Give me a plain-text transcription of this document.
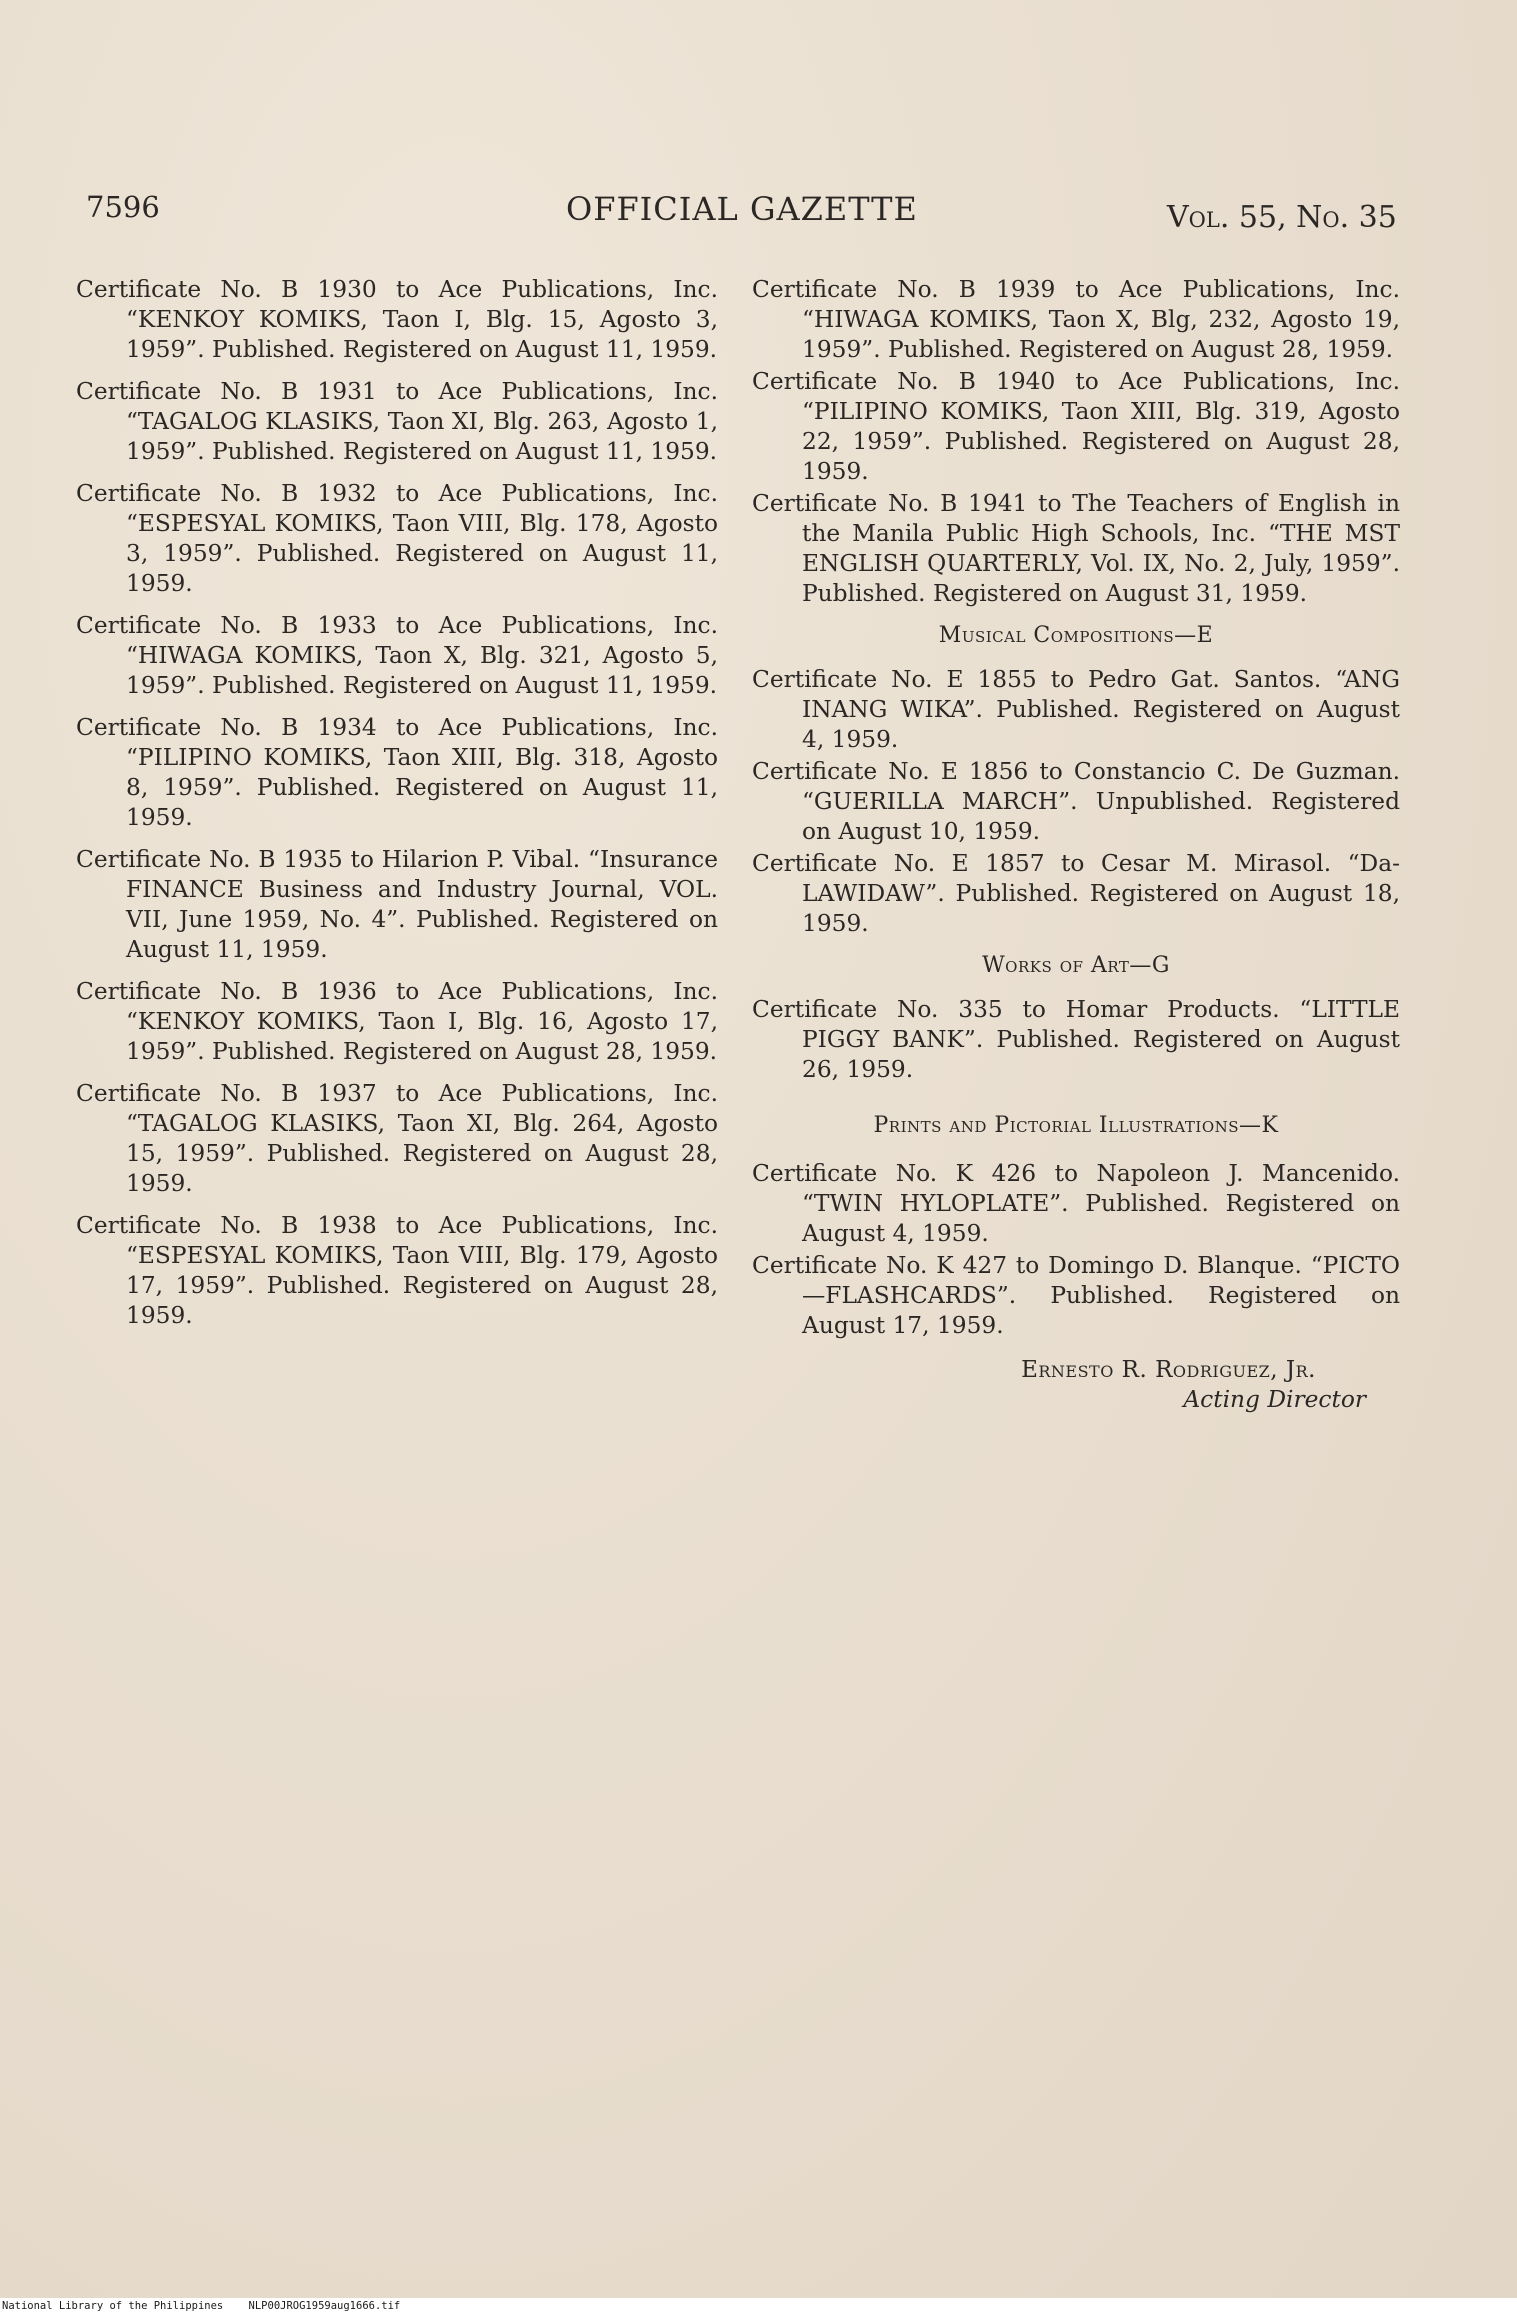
7596	OFFICIAL GAZETTE	Vol. 55, No. 35

Certificate No. B 1930 to Ace Publications, Inc. “KENKOY KOMIKS, Taon I, Blg. 15, Agosto 3, 1959”. Published. Registered on August 11, 1959.

Certificate No. B 1931 to Ace Publications, Inc. “TAGALOG KLASIKS, Taon XI, Blg. 263, Agosto 1, 1959”. Published. Registered on August 11, 1959.

Certificate No. B 1932 to Ace Publications, Inc. “ESPESYAL KOMIKS, Taon VIII, Blg. 178, Agosto 3, 1959”. Published. Registered on August 11, 1959.

Certificate No. B 1933 to Ace Publications, Inc. “HIWAGA KOMIKS, Taon X, Blg. 321, Agosto 5, 1959”. Published. Registered on August 11, 1959.

Certificate No. B 1934 to Ace Publications, Inc. “PILIPINO KOMIKS, Taon XIII, Blg. 318, Agosto 8, 1959”. Published. Registered on August 11, 1959.

Certificate No. B 1935 to Hilarion P. Vibal. “Insurance FINANCE Business and Industry Journal, VOL. VII, June 1959, No. 4”. Published. Registered on August 11, 1959.

Certificate No. B 1936 to Ace Publications, Inc. “KENKOY KOMIKS, Taon I, Blg. 16, Agosto 17, 1959”. Published. Registered on August 28, 1959.

Certificate No. B 1937 to Ace Publications, Inc. “TAGALOG KLASIKS, Taon XI, Blg. 264, Agosto 15, 1959”. Published. Registered on August 28, 1959.

Certificate No. B 1938 to Ace Publications, Inc. “ESPESYAL KOMIKS, Taon VIII, Blg. 179, Agosto 17, 1959”. Published. Registered on August 28, 1959.

Certificate No. B 1939 to Ace Publications, Inc. “HIWAGA KOMIKS, Taon X, Blg, 232, Agosto 19, 1959”. Published. Registered on August 28, 1959.

Certificate No. B 1940 to Ace Publications, Inc. “PILIPINO KOMIKS, Taon XIII, Blg. 319, Agosto 22, 1959”. Published. Registered on August 28, 1959.

Certificate No. B 1941 to The Teachers of English in the Manila Public High Schools, Inc. “THE MST ENGLISH QUARTERLY, Vol. IX, No. 2, July, 1959”. Published. Registered on August 31, 1959.

Musical Compositions—E

Certificate No. E 1855 to Pedro Gat. Santos. “ANG INANG WIKA”. Published. Registered on August 4, 1959.

Certificate No. E 1856 to Constancio C. De Guzman. “GUERILLA MARCH”. Unpublished. Registered on August 10, 1959.

Certificate No. E 1857 to Cesar M. Mirasol. “Da-LAWIDAW”. Published. Registered on August 18, 1959.

Works of Art—G

Certificate No. 335 to Homar Products. “LITTLE PIGGY BANK”. Published. Registered on August 26, 1959.

Prints and Pictorial Illustrations—K

Certificate No. K 426 to Napoleon J. Mancenido. “TWIN HYLOPLATE”. Published. Registered on August 4, 1959.

Certificate No. K 427 to Domingo D. Blanque. “PICTO—FLASHCARDS”. Published. Registered on August 17, 1959.

Ernesto R. Rodriguez, Jr.
Acting Director
National Library of the Philippines    NLP00JROG1959aug1666.tif
